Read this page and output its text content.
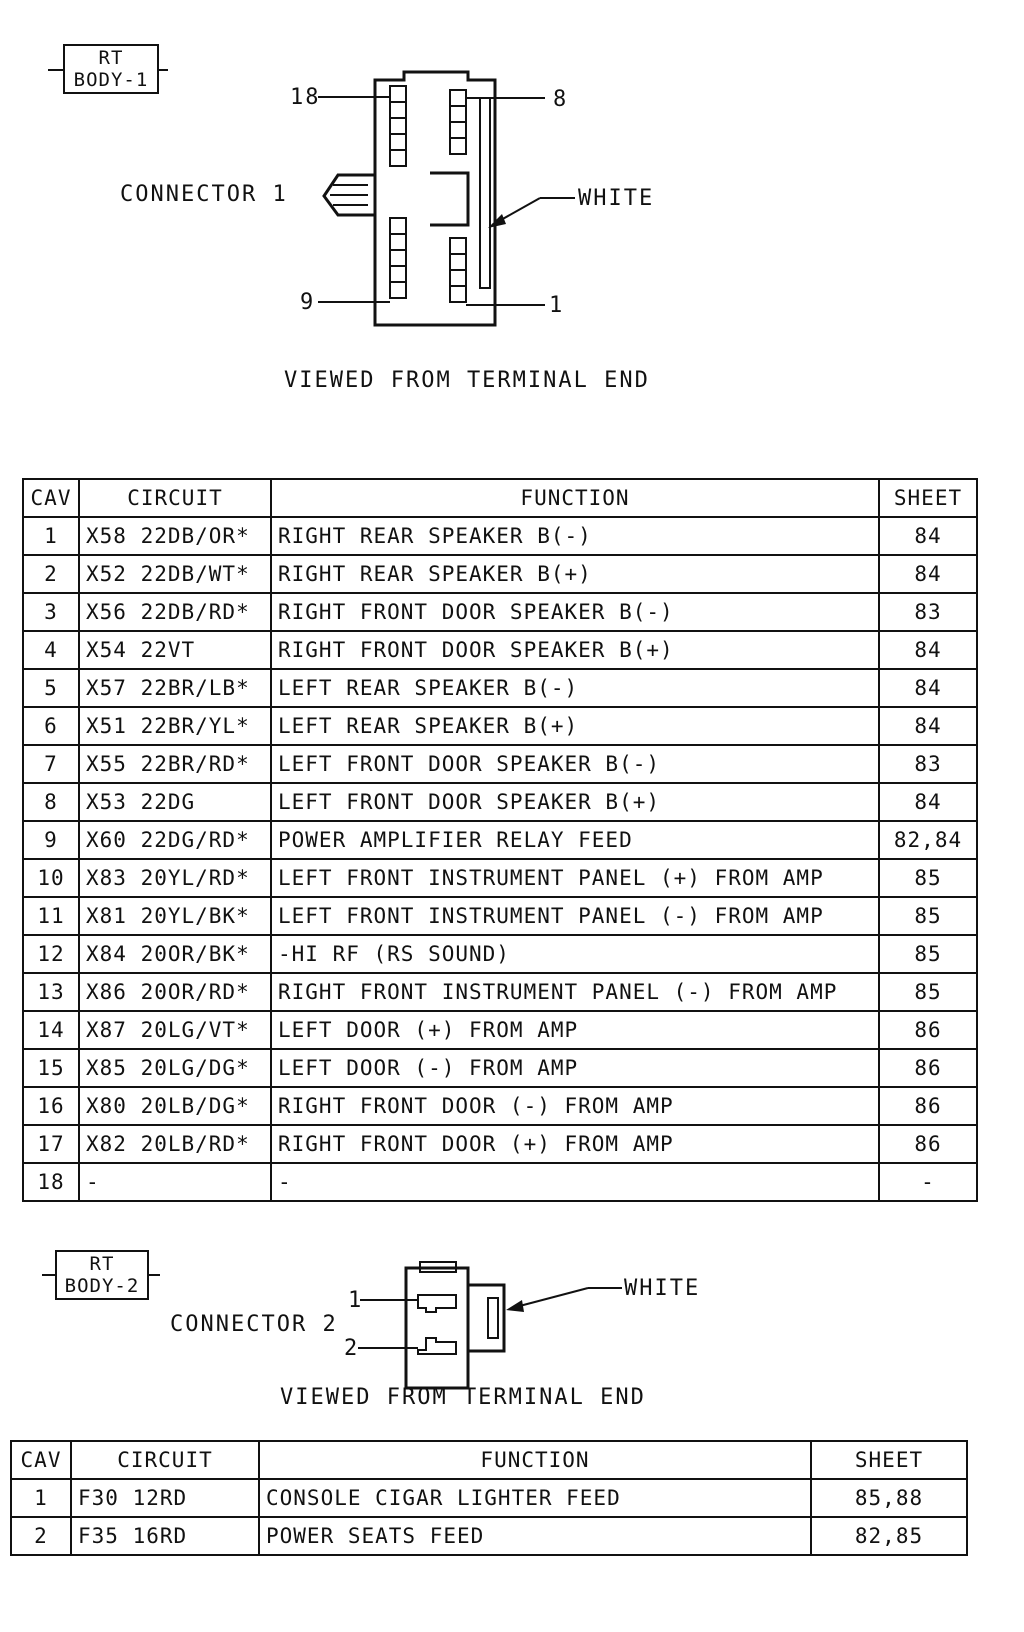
RT
BODY-1
CONNECTOR 1
18	8
9	1
WHITE
VIEWED FROM TERMINAL END
CAV	CIRCUIT	FUNCTION	SHEET
1	X58 22DB/OR*	RIGHT REAR SPEAKER B(-)	84
2	X52 22DB/WT*	RIGHT REAR SPEAKER B(+)	84
3	X56 22DB/RD*	RIGHT FRONT DOOR SPEAKER B(-)	83
4	X54 22VT	RIGHT FRONT DOOR SPEAKER B(+)	84
5	X57 22BR/LB*	LEFT REAR SPEAKER B(-)	84
6	X51 22BR/YL*	LEFT REAR SPEAKER B(+)	84
7	X55 22BR/RD*	LEFT FRONT DOOR SPEAKER B(-)	83
8	X53 22DG	LEFT FRONT DOOR SPEAKER B(+)	84
9	X60 22DG/RD*	POWER AMPLIFIER RELAY FEED	82,84
10	X83 20YL/RD*	LEFT FRONT INSTRUMENT PANEL (+) FROM AMP	85
11	X81 20YL/BK*	LEFT FRONT INSTRUMENT PANEL (-) FROM AMP	85
12	X84 20OR/BK*	-HI RF (RS SOUND)	85
13	X86 20OR/RD*	RIGHT FRONT INSTRUMENT PANEL (-) FROM AMP	85
14	X87 20LG/VT*	LEFT DOOR (+) FROM AMP	86
15	X85 20LG/DG*	LEFT DOOR (-) FROM AMP	86
16	X80 20LB/DG*	RIGHT FRONT DOOR (-) FROM AMP	86
17	X82 20LB/RD*	RIGHT FRONT DOOR (+) FROM AMP	86
18	-	-	-
RT
BODY-2
CONNECTOR 2
1
2
WHITE
VIEWED FROM TERMINAL END
CAV	CIRCUIT	FUNCTION	SHEET
1	F30 12RD	CONSOLE CIGAR LIGHTER FEED	85,88
2	F35 16RD	POWER SEATS FEED	82,85
